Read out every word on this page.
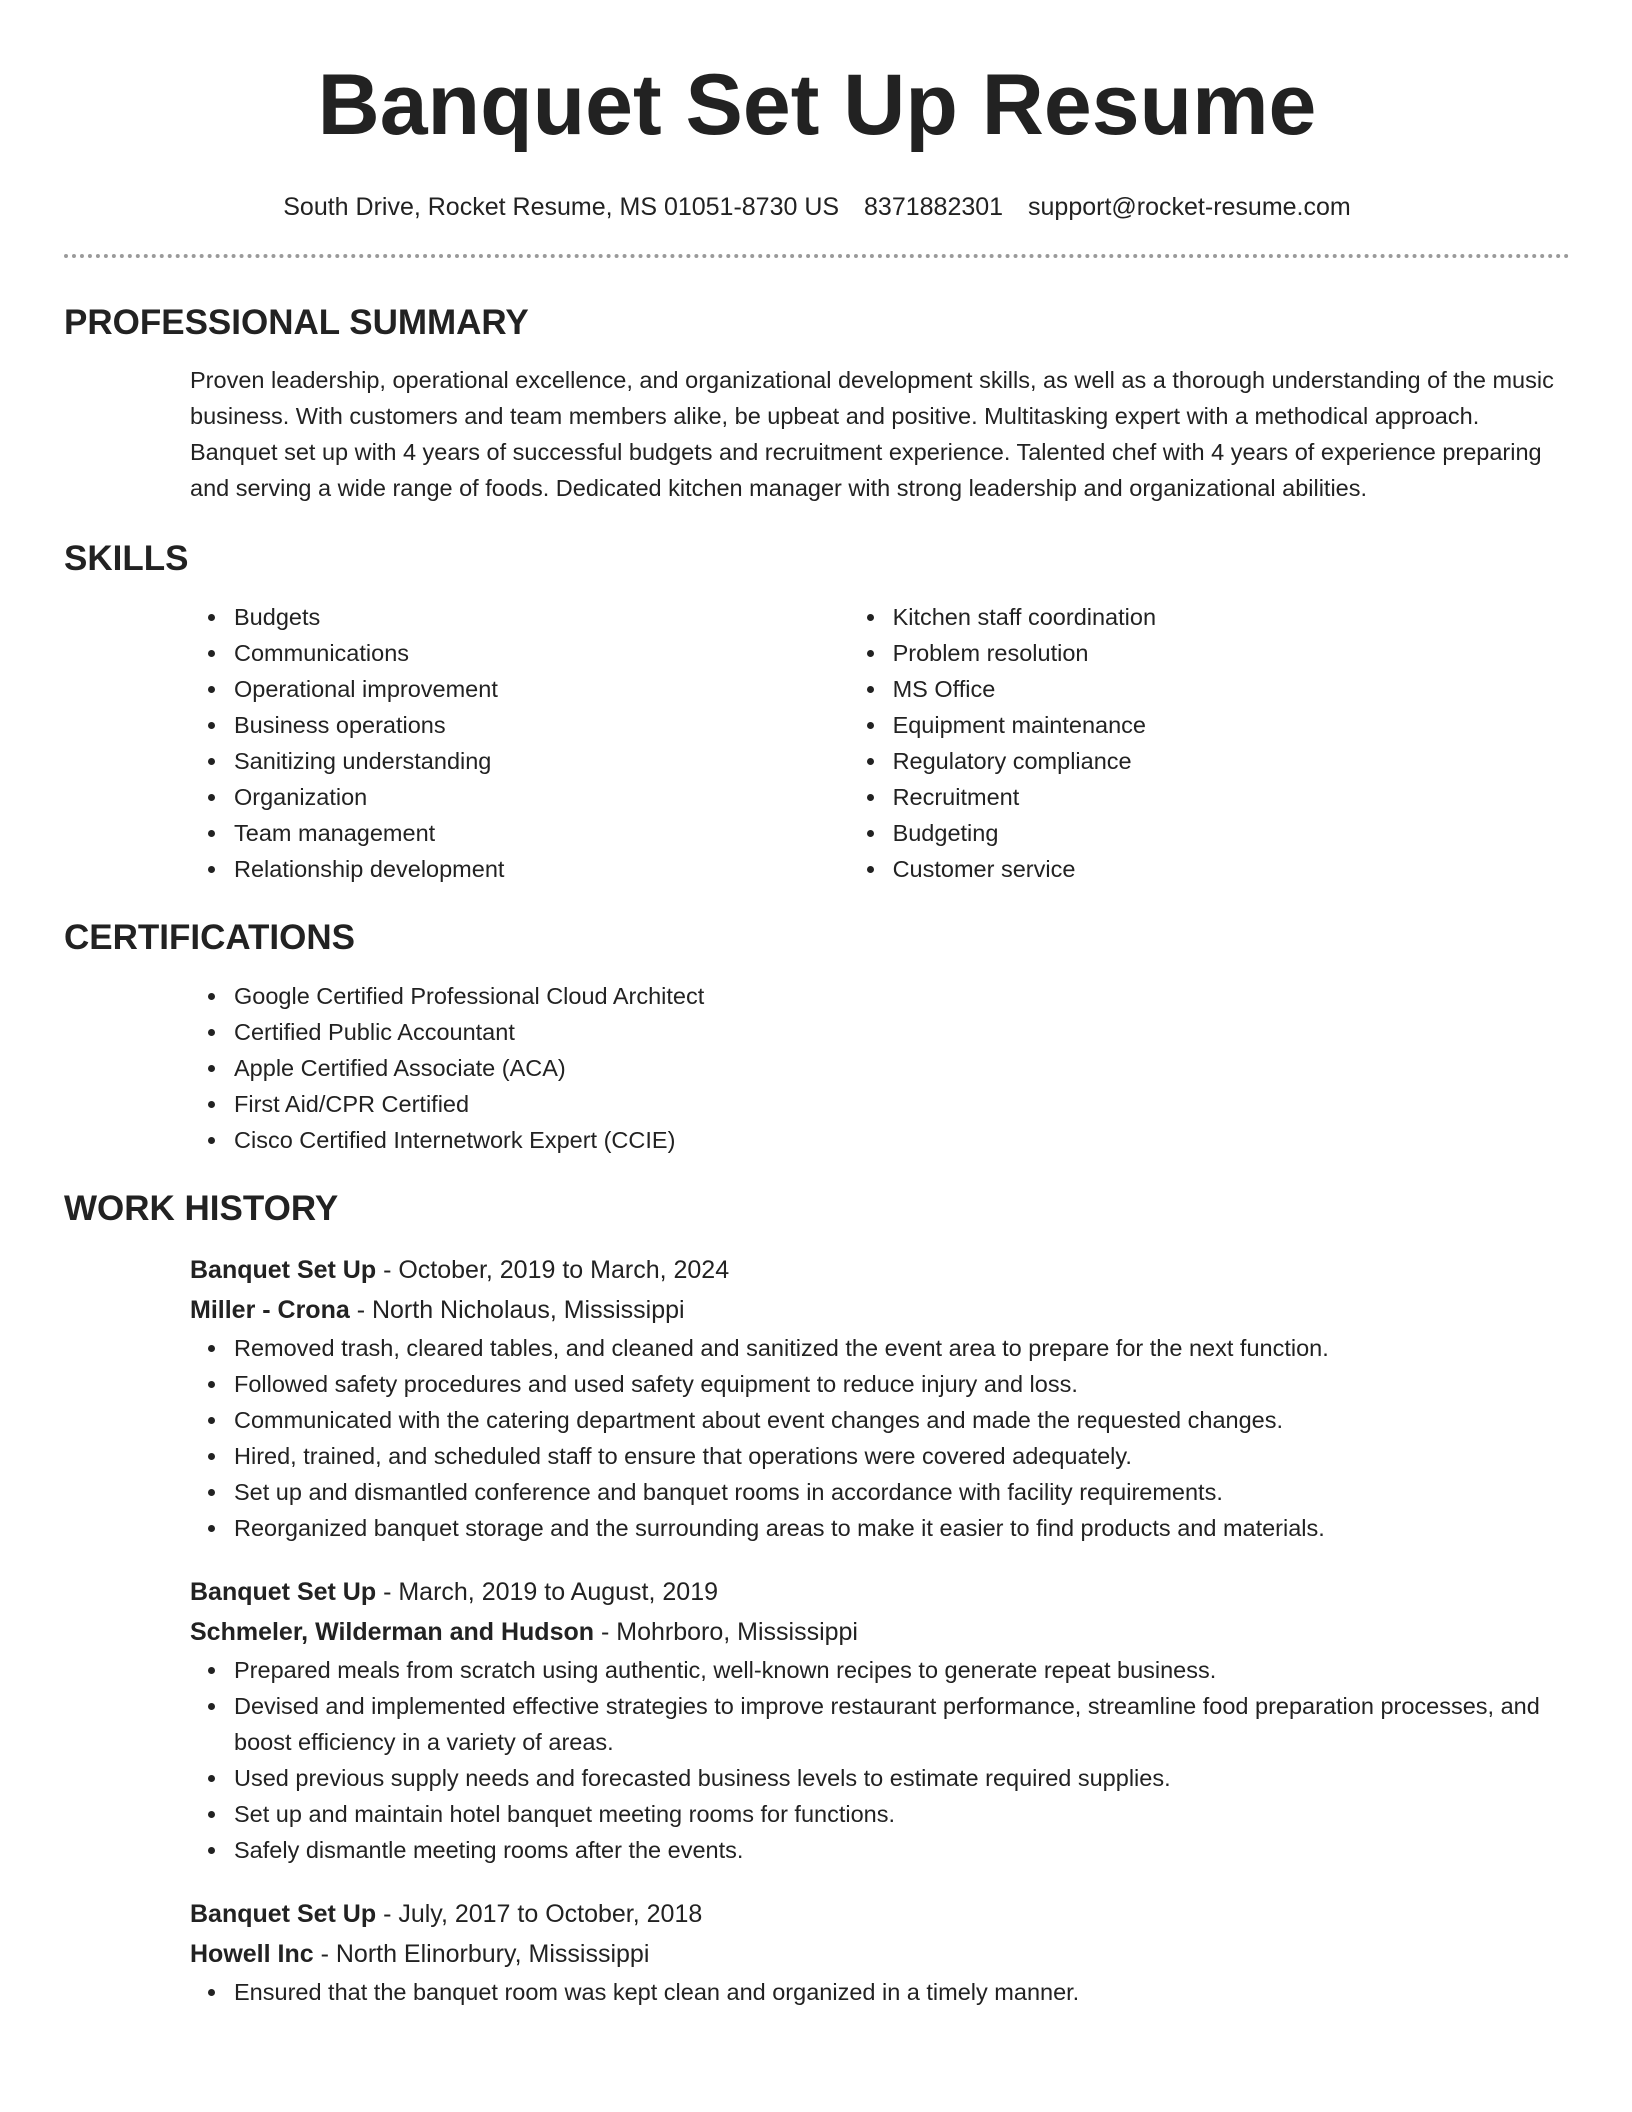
Banquet Set Up Resume
South Drive, Rocket Resume, MS 01051-8730 US 8371882301 support@rocket-resume.com
PROFESSIONAL SUMMARY

Proven leadership, operational excellence, and organizational development skills, as well as a thorough understanding of the music business. With customers and team members alike, be upbeat and positive. Multitasking expert with a methodical approach. Banquet set up with 4 years of successful budgets and recruitment experience. Talented chef with 4 years of experience preparing and serving a wide range of foods. Dedicated kitchen manager with strong leadership and organizational abilities.

SKILLS
Budgets
Communications
Operational improvement
Business operations
Sanitizing understanding
Organization
Team management
Relationship development
Kitchen staff coordination
Problem resolution
MS Office
Equipment maintenance
Regulatory compliance
Recruitment
Budgeting
Customer service
CERTIFICATIONS
Google Certified Professional Cloud Architect
Certified Public Accountant
Apple Certified Associate (ACA)
First Aid/CPR Certified
Cisco Certified Internetwork Expert (CCIE)
WORK HISTORY
Banquet Set Up - October, 2019 to March, 2024
Miller - Crona - North Nicholaus, Mississippi
Removed trash, cleared tables, and cleaned and sanitized the event area to prepare for the next function.
Followed safety procedures and used safety equipment to reduce injury and loss.
Communicated with the catering department about event changes and made the requested changes.
Hired, trained, and scheduled staff to ensure that operations were covered adequately.
Set up and dismantled conference and banquet rooms in accordance with facility requirements.
Reorganized banquet storage and the surrounding areas to make it easier to find products and materials.
Banquet Set Up - March, 2019 to August, 2019
Schmeler, Wilderman and Hudson - Mohrboro, Mississippi
Prepared meals from scratch using authentic, well-known recipes to generate repeat business.
Devised and implemented effective strategies to improve restaurant performance, streamline food preparation processes, and boost efficiency in a variety of areas.
Used previous supply needs and forecasted business levels to estimate required supplies.
Set up and maintain hotel banquet meeting rooms for functions.
Safely dismantle meeting rooms after the events.
Banquet Set Up - July, 2017 to October, 2018
Howell Inc - North Elinorbury, Mississippi
Ensured that the banquet room was kept clean and organized in a timely manner.
